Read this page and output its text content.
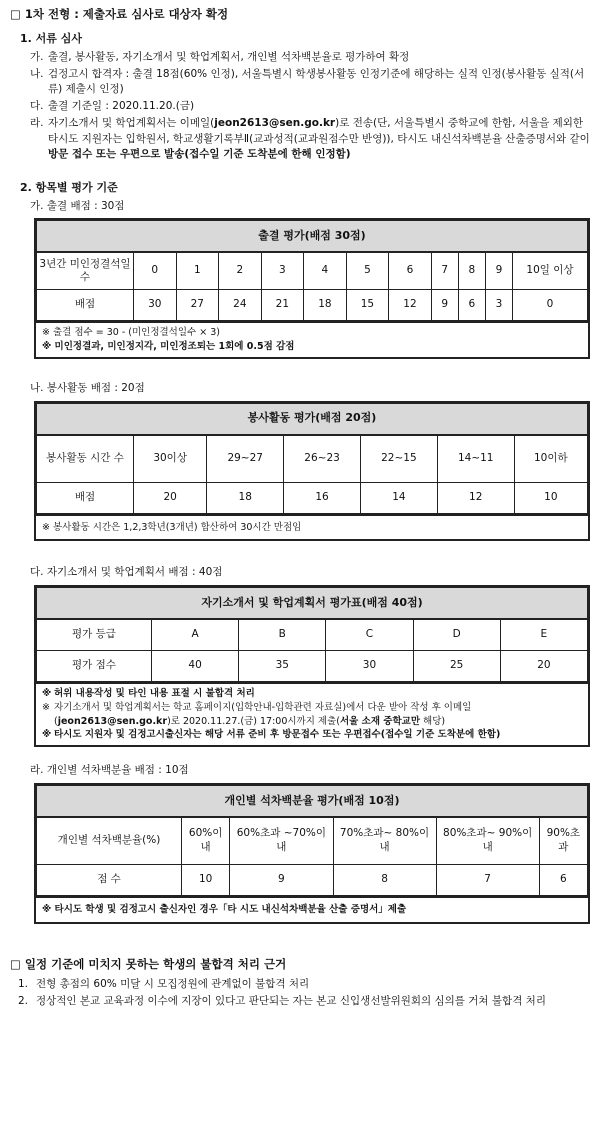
□ 1차 전형 : 제출자료 심사로 대상자 확정
1. 서류 심사
가. 출결, 봉사활동, 자기소개서 및 학업계획서, 개인별 석차백분율로 평가하여 확정
나. 검정고시 합격자 : 출결 18점(60% 인정), 서울특별시 학생봉사활동 인정기준에 해당하는 실적 인정(봉사활동 실적(서류) 제출시 인정)
다. 출결 기준일 : 2020.11.20.(금)
라. 자기소개서 및 학업계획서는 이메일(jeon2613@sen.go.kr)로 전송(단, 서울특별시 중학교에 한함, 서울을 제외한 타시도 지원자는 입학원서, 학교생활기록부Ⅱ(교과성적(교과원점수만 반영)), 타시도 내신석차백분율 산출증명서와 같이 방문 접수 또는 우편으로 발송(접수일 기준 도착분에 한해 인정함)
2. 항목별 평가 기준
가. 출결 배점 : 30점
출결 평가(배점 30점)											
3년간 미인정결석일수	0	1	2	3	4	5	6	7	8	9	10일 이상
배점	30	27	24	21	18	15	12	9	6	3	0
※ 출결 점수 = 30 - (미인정결석일수 × 3)
※ 미인정결과, 미인정지각, 미인정조퇴는 1회에 0.5점 감점
나. 봉사활동 배점 : 20점
봉사활동 평가(배점 20점)						
봉사활동 시간 수	30이상	29~27	26~23	22~15	14~11	10이하
배점	20	18	16	14	12	10
※ 봉사활동 시간은 1,2,3학년(3개년) 합산하여 30시간 만점임
다. 자기소개서 및 학업계획서 배점 : 40점
자기소개서 및 학업계획서 평가표(배점 40점)					
평가 등급	A	B	C	D	E
평가 점수	40	35	30	25	20
※ 허위 내용작성 및 타인 내용 표절 시 불합격 처리
※ 자기소개서 및 학업계획서는 학교 홈페이지(입학안내-입학관련 자료실)에서 다운 받아 작성 후 이메일(jeon2613@sen.go.kr)로 2020.11.27.(금) 17:00시까지 제출(서울 소재 중학교만 해당)
※ 타시도 지원자 및 검정고시출신자는 해당 서류 준비 후 방문접수 또는 우편접수(접수일 기준 도착분에 한함)
라. 개인별 석차백분율 배점 : 10점
개인별 석차백분율 평가(배점 10점)					
개인별 석차백분율(%)	60%이내	60%초과 ~70%이내	70%초과~ 80%이내	80%초과~ 90%이내	90%초과
점 수	10	9	8	7	6
※ 타시도 학생 및 검정고시 출신자인 경우「타 시도 내신석차백분율 산출 증명서」제출
□ 일정 기준에 미치지 못하는 학생의 불합격 처리 근거
1. 전형 총점의 60% 미달 시 모집정원에 관계없이 불합격 처리
2. 정상적인 본교 교육과정 이수에 지장이 있다고 판단되는 자는 본교 신입생선발위원회의 심의를 거쳐 불합격 처리
